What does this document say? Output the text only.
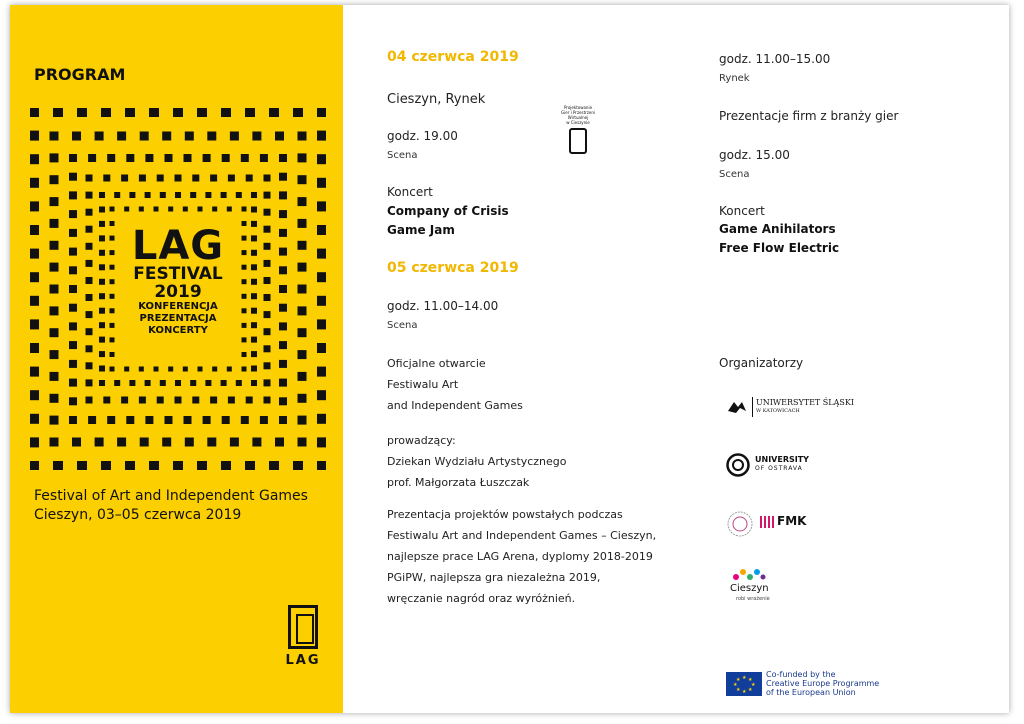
PROGRAM
LAG
FESTIVAL
2019
KONFERENCJA
PREZENTACJA
KONCERTY
Festival of Art and Independent Games
Cieszyn, 03–05 czerwca 2019
LAG
04 czerwca 2019
Cieszyn, Rynek
godz. 19.00
Scena
Koncert
Company of Crisis
Game Jam
Projektowanie
Gier i Przestrzeni
Wirtualnej
w Cieszynie
05 czerwca 2019
godz. 11.00–14.00
Scena
Oficjalne otwarcie
Festiwalu Art
and Independent Games
prowadzący:
Dziekan Wydziału Artystycznego
prof. Małgorzata Łuszczak
Prezentacja projektów powstałych podczas
Festiwalu Art and Independent Games – Cieszyn,
najlepsze prace LAG Arena, dyplomy 2018-2019
PGiPW, najlepsza gra niezależna 2019,
wręczanie nagród oraz wyróżnień.
godz. 11.00–15.00
Rynek
Prezentacje firm z branży gier
godz. 15.00
Scena
Koncert
Game Anihilators
Free Flow Electric
Organizatorzy
UNIWERSYTET ŚLĄSKI
W KATOWICACH
UNIVERSITY
OF OSTRAVA
FMK
Cieszyn
robi wrażenie
★ ★
★
★
★
★
★
★
Co-funded by the
Creative Europe Programme
of the European Union
